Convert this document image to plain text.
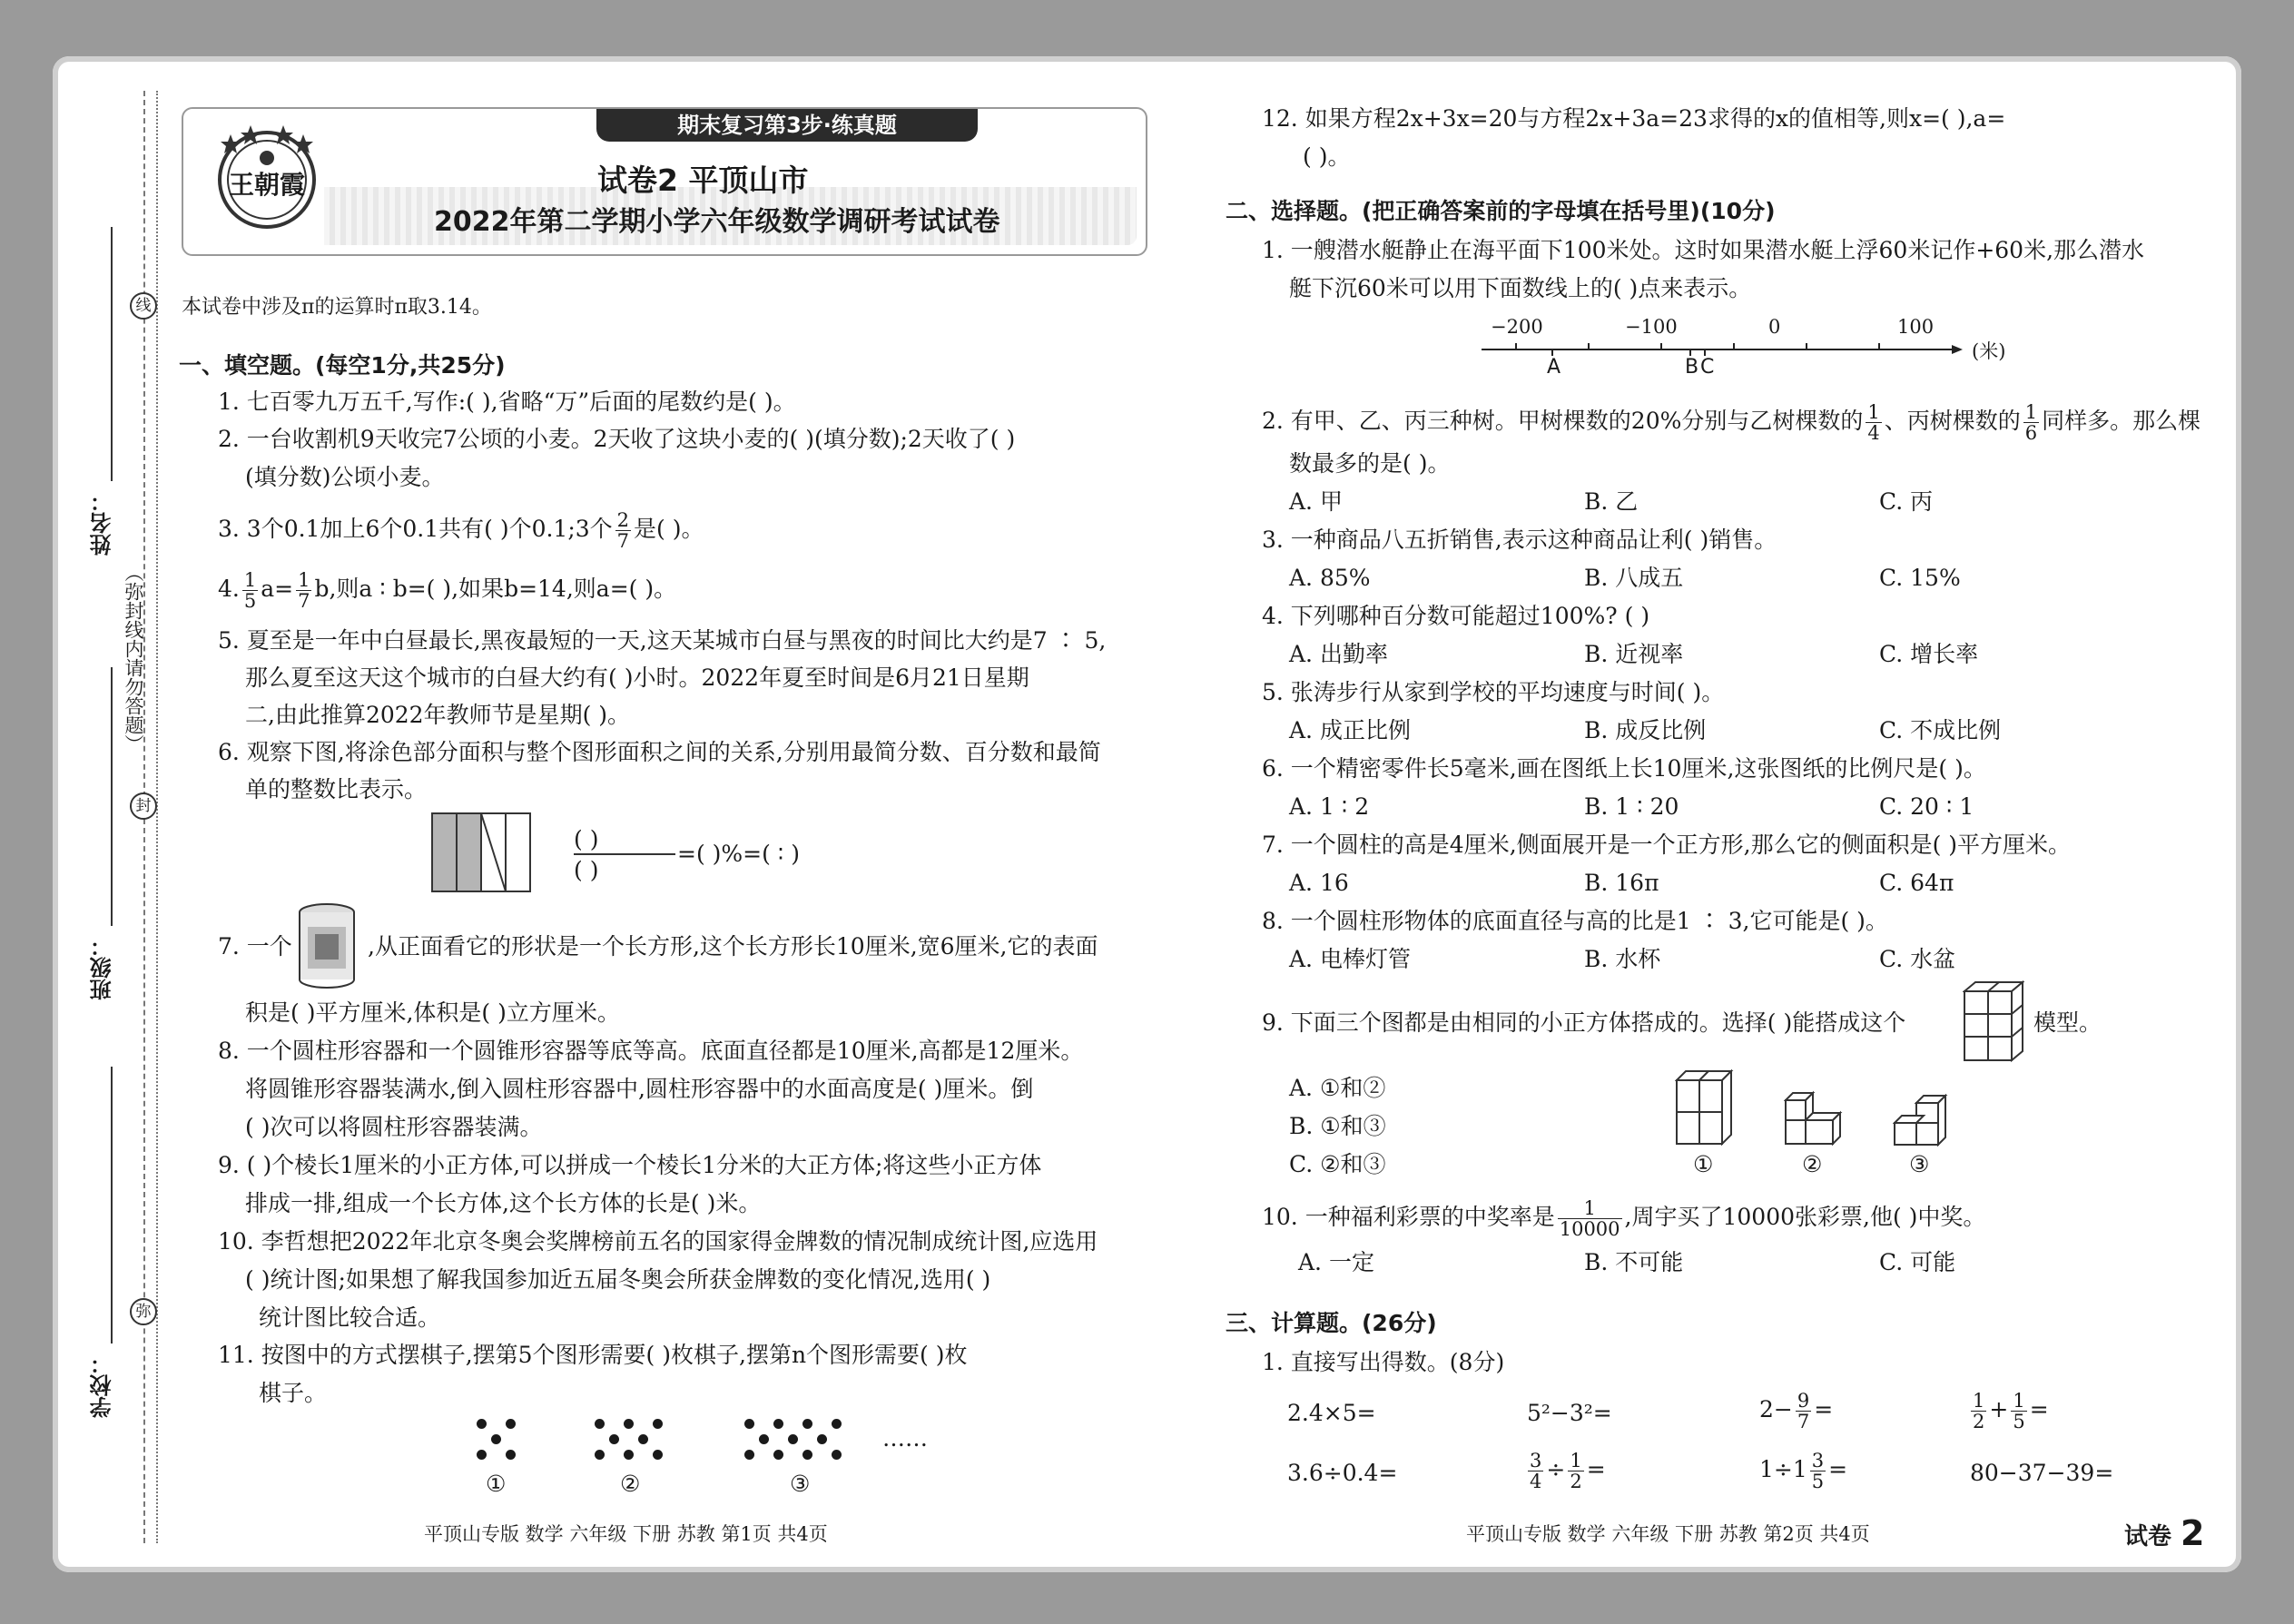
线
封
弥
（弥封线内请勿答题）
姓名：
班级：
学校：
期末复习第3步·练真题
王朝霞	试卷2 平顶山市
2022年第二学期小学六年级数学调研考试试卷
本试卷中涉及π的运算时π取3.14。
一、填空题。(每空1分,共25分)
1. 七百零九万五千,写作:( ),省略“万”后面的尾数约是( )。
2. 一台收割机9天收完7公顷的小麦。2天收了这块小麦的( )(填分数);2天收了( )
(填分数)公顷小麦。
3. 3个0.1加上6个0.1共有( )个0.1;3个 $\frac{2}{7}$ 是( )。
4. $\frac{1}{5} a= \frac{1}{7} b$,则a ∶ b=( ),如果b=14,则a=( )。
5. 夏至是一年中白昼最长,黑夜最短的一天,这天某城市白昼与黑夜的时间比大约是7 ∶ 5,
那么夏至这天这个城市的白昼大约有( )小时。2022年夏至时间是6月21日星期
二,由此推算2022年教师节是星期( )。
6. 观察下图,将涂色部分面积与整个图形面积之间的关系,分别用最简分数、百分数和最简
单的整数比表示。
( )
( )
=( )%=( ∶ )
7. 一个	,从正面看它的形状是一个长方形,这个长方形长10厘米,宽6厘米,它的表面
积是( )平方厘米,体积是( )立方厘米。
8. 一个圆柱形容器和一个圆锥形容器等底等高。底面直径都是10厘米,高都是12厘米。
将圆锥形容器装满水,倒入圆柱形容器中,圆柱形容器中的水面高度是( )厘米。倒
( )次可以将圆柱形容器装满。
9. ( )个棱长1厘米的小正方体,可以拼成一个棱长1分米的大正方体;将这些小正方体
排成一排,组成一个长方体,这个长方体的长是( )米。
10. 李哲想把2022年北京冬奥会奖牌榜前五名的国家得金牌数的情况制成统计图,应选用
( )统计图;如果想了解我国参加近五届冬奥会所获金牌数的变化情况,选用( )
统计图比较合适。
11. 按图中的方式摆棋子,摆第5个图形需要( )枚棋子,摆第n个图形需要( )枚
棋子。
……
①	②	③
平顶山专版 数学 六年级 下册 苏教 第1页 共4页
12. 如果方程2x+3x=20与方程2x+3a=23求得的x的值相等,则x=( ),a=
( )。
二、选择题。(把正确答案前的字母填在括号里)(10分)
1. 一艘潜水艇静止在海平面下100米处。这时如果潜水艇上浮60米记作+60米,那么潜水
艇下沉60米可以用下面数线上的( )点来表示。
−200	−100	0	100
(米)
A	B C
2. 有甲、乙、丙三种树。甲树棵数的20%分别与乙树棵数的 $\frac{1}{4}$ 、丙树棵数的 $\frac{1}{6}$ 同样多。那么棵
数最多的是( )。
A. 甲	B. 乙	C. 丙
3. 一种商品八五折销售,表示这种商品让利( )销售。
A. 85%	B. 八成五	C. 15%
4. 下列哪种百分数可能超过100%? ( )
A. 出勤率	B. 近视率	C. 增长率
5. 张涛步行从家到学校的平均速度与时间( )。
A. 成正比例	B. 成反比例	C. 不成比例
6. 一个精密零件长5毫米,画在图纸上长10厘米,这张图纸的比例尺是( )。
A. 1 ∶ 2	B. 1 ∶ 20	C. 20 ∶ 1
7. 一个圆柱的高是4厘米,侧面展开是一个正方形,那么它的侧面积是( )平方厘米。
A. 16	B. 16π	C. 64π
8. 一个圆柱形物体的底面直径与高的比是1 ∶ 3,它可能是( )。
A. 电棒灯管	B. 水杯	C. 水盆
9. 下面三个图都是由相同的小正方体搭成的。选择( )能搭成这个	模型。
A. ①和②
B. ①和③
C. ②和③	①	②	③
10. 一种福利彩票的中奖率是 $\frac{1}{10000}$ ,周宇买了10000张彩票,他( )中奖。
A. 一定	B. 不可能	C. 可能
三、计算题。(26分)
1. 直接写出得数。(8分)
2.4×5=	5²−3²=	$2- \frac{9}{7}$ =	$\frac{1}{2} + \frac{1}{5}$ =
3.6÷0.4=	$\frac{3}{4} \div \frac{1}{2}$ =	$1\div 1 \frac{3}{5}$ =	80−37−39=
平顶山专版 数学 六年级 下册 苏教 第2页 共4页	试卷 2
